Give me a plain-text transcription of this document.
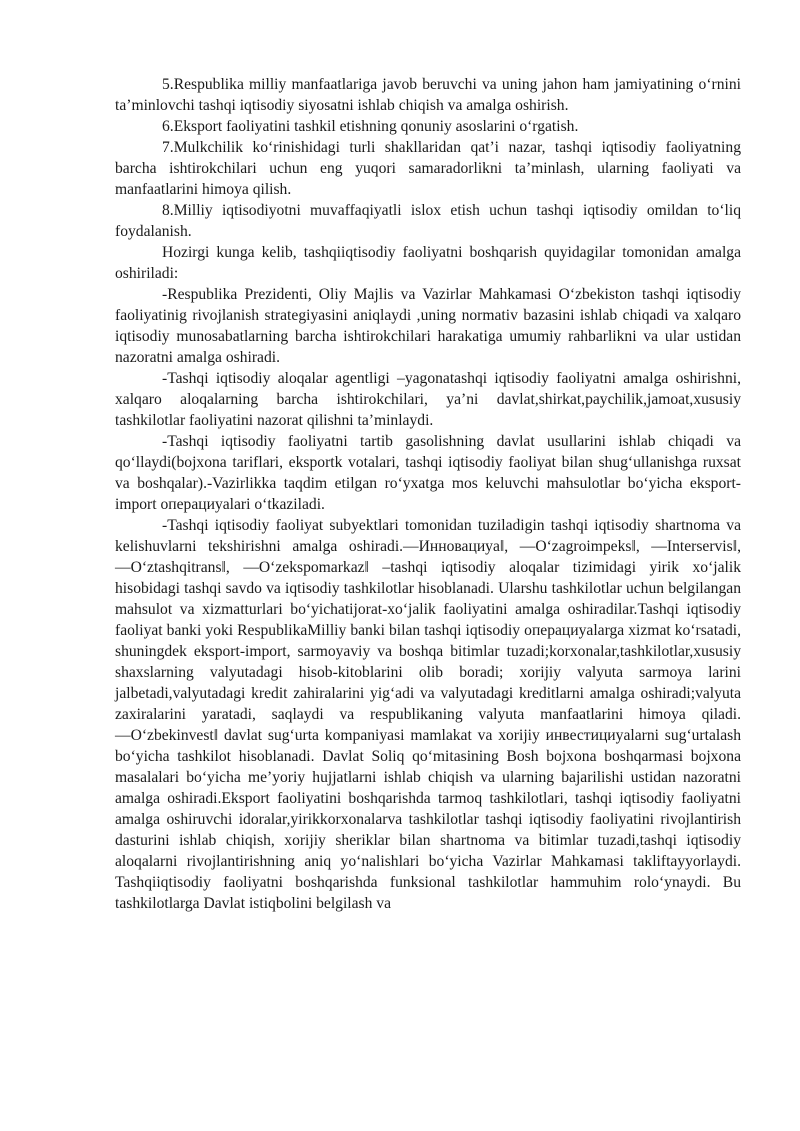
5.Respublika milliy manfaatlariga javob beruvchi va uning jahon ham jamiyatining o‘rnini ta’minlovchi tashqi iqtisodiy siyosatni ishlab chiqish va amalga oshirish.

6.Eksport faoliyatini tashkil etishning qonuniy asoslarini o‘rgatish.

7.Mulkchilik ko‘rinishidagi turli shakllaridan qat’i nazar, tashqi iqtisodiy faoliyatning barcha ishtirokchilari uchun eng yuqori samaradorlikni ta’minlash, ularning faoliyati va manfaatlarini himoya qilish.

8.Milliy iqtisodiyotni muvaffaqiyatli islox etish uchun tashqi iqtisodiy omildan to‘liq foydalanish.

Hozirgi kunga kelib, tashqiiqtisodiy faoliyatni boshqarish quyidagilar tomonidan amalga oshiriladi:

-Respublika Prezidenti, Oliy Majlis va Vazirlar Mahkamasi O‘zbekiston tashqi iqtisodiy faoliyatinig rivojlanish strategiyasini aniqlaydi ,uning normativ bazasini ishlab chiqadi va xalqaro iqtisodiy munosabatlarning barcha ishtirokchilari harakatiga umumiy rahbarlikni va ular ustidan nazoratni amalga oshiradi.

-Tashqi iqtisodiy aloqalar agentligi –yagonatashqi iqtisodiy faoliyatni amalga oshirishni, xalqaro aloqalarning barcha ishtirokchilari, ya’ni davlat,shirkat,paychilik,jamoat,xususiy tashkilotlar faoliyatini nazorat qilishni ta’minlaydi.

-Tashqi iqtisodiy faoliyatni tartib gasolishning davlat usullarini ishlab chiqadi va qo‘llaydi(bojxona tariflari, eksportk votalari, tashqi iqtisodiy faoliyat bilan shug‘ullanishga ruxsat va boshqalar).-Vazirlikka taqdim etilgan ro‘yxatga mos keluvchi mahsulotlar bo‘yicha eksport-import операциуalari o‘tkaziladi.

-Tashqi iqtisodiy faoliyat subyektlari tomonidan tuziladigin tashqi iqtisodiy shartnoma va kelishuvlarni tekshirishni amalga oshiradi.―Инновациуa‖, ―O‘zagroimpeks‖, ―Interservis‖, ―O‘ztashqitrans‖, ―O‘zekspomarkaz‖ –tashqi iqtisodiy aloqalar tizimidagi yirik xo‘jalik hisobidagi tashqi savdo va iqtisodiy tashkilotlar hisoblanadi. Ularshu tashkilotlar uchun belgilangan mahsulot va xizmatturlari bo‘yichatijorat-xo‘jalik faoliyatini amalga oshiradilar.Tashqi iqtisodiy faoliyat banki yoki RespublikaMilliy banki bilan tashqi iqtisodiy операциуalarga xizmat ko‘rsatadi, shuningdek eksport-import, sarmoyaviy va boshqa bitimlar tuzadi;korxonalar,tashkilotlar,xususiy shaxslarning valyutadagi hisob-kitoblarini olib boradi; xorijiy valyuta sarmoya larini jalbetadi,valyutadagi kredit zahiralarini yig‘adi va valyutadagi kreditlarni amalga oshiradi;valyuta zaxiralarini yaratadi, saqlaydi va respublikaning valyuta manfaatlarini himoya qiladi. ―O‘zbekinvest‖ davlat sug‘urta kompaniyasi mamlakat va xorijiy инвестициуalarni sug‘urtalash bo‘yicha tashkilot hisoblanadi. Davlat Soliq qo‘mitasining Bosh bojxona boshqarmasi bojxona masalalari bo‘yicha me’yoriy hujjatlarni ishlab chiqish va ularning bajarilishi ustidan nazoratni amalga oshiradi.Eksport faoliyatini boshqarishda tarmoq tashkilotlari, tashqi iqtisodiy faoliyatni amalga oshiruvchi idoralar,yirikkorxonalarva tashkilotlar tashqi iqtisodiy faoliyatini rivojlantirish dasturini ishlab chiqish, xorijiy sheriklar bilan shartnoma va bitimlar tuzadi,tashqi iqtisodiy aloqalarni rivojlantirishning aniq yo‘nalishlari bo‘yicha Vazirlar Mahkamasi takliftayyorlaydi. Tashqiiqtisodiy faoliyatni boshqarishda funksional tashkilotlar hammuhim rolo‘ynaydi. Bu tashkilotlarga Davlat istiqbolini belgilash va
